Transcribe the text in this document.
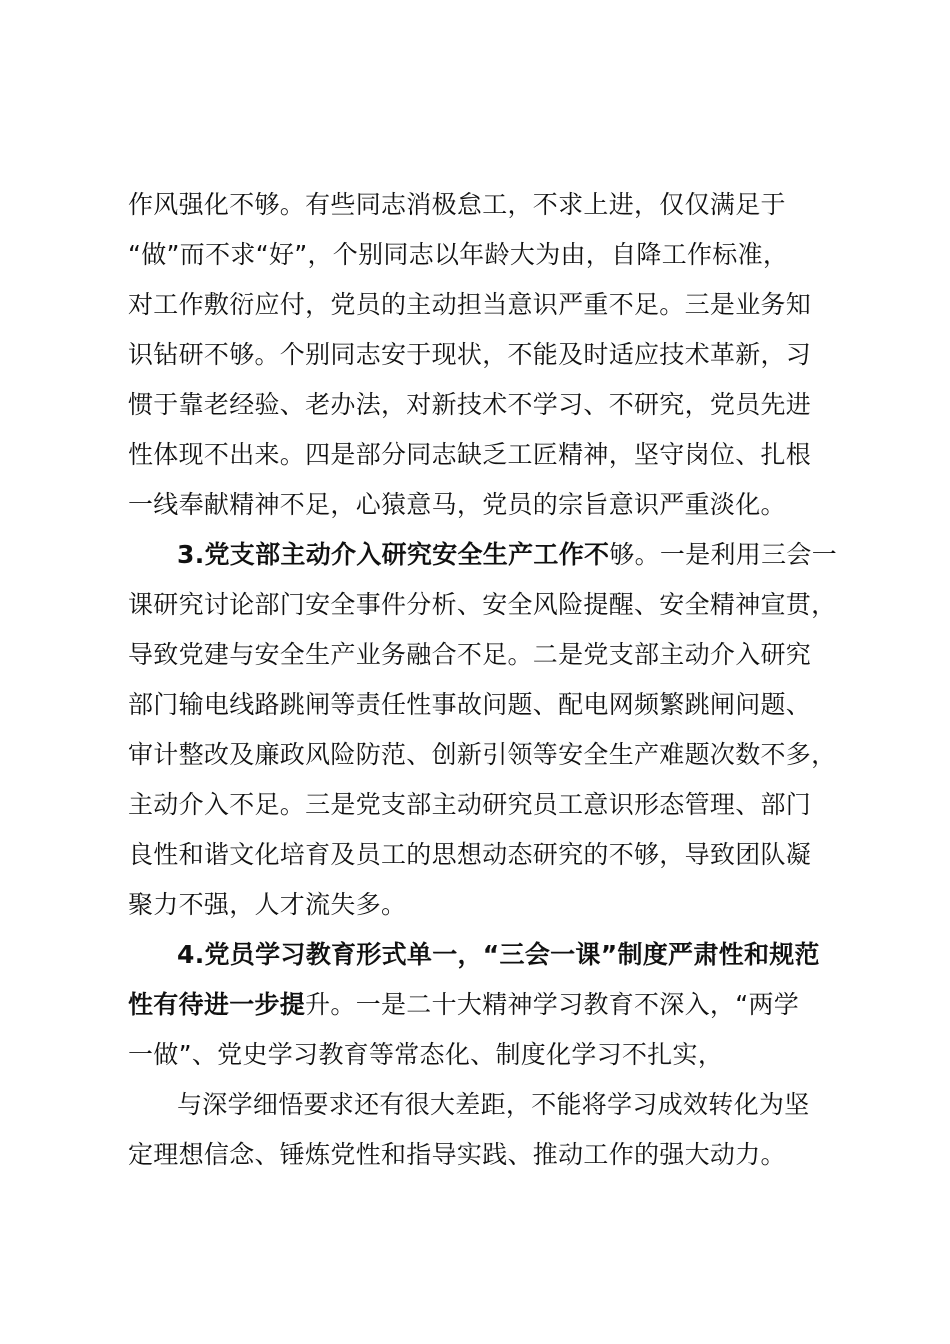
作风强化不够。有些同志消极怠工，不求上进，仅仅满足于
“做”而不求“好”，个别同志以年龄大为由，自降工作标准，
对工作敷衍应付，党员的主动担当意识严重不足。三是业务知
识钻研不够。个别同志安于现状，不能及时适应技术革新，习
惯于靠老经验、老办法，对新技术不学习、不研究，党员先进
性体现不出来。四是部分同志缺乏工匠精神，坚守岗位、扎根
一线奉献精神不足，心猿意马，党员的宗旨意识严重淡化。
3.党支部主动介入研究安全生产工作不够。一是利用三会一
课研究讨论部门安全事件分析、安全风险提醒、安全精神宣贯，
导致党建与安全生产业务融合不足。二是党支部主动介入研究
部门输电线路跳闸等责任性事故问题、配电网频繁跳闸问题、
审计整改及廉政风险防范、创新引领等安全生产难题次数不多，
主动介入不足。三是党支部主动研究员工意识形态管理、部门
良性和谐文化培育及员工的思想动态研究的不够，导致团队凝
聚力不强，人才流失多。
4.党员学习教育形式单一，“三会一课”制度严肃性和规范
性有待进一步提升。一是二十大精神学习教育不深入，“两学
一做”、党史学习教育等常态化、制度化学习不扎实，
与深学细悟要求还有很大差距，不能将学习成效转化为坚
定理想信念、锤炼党性和指导实践、推动工作的强大动力。
